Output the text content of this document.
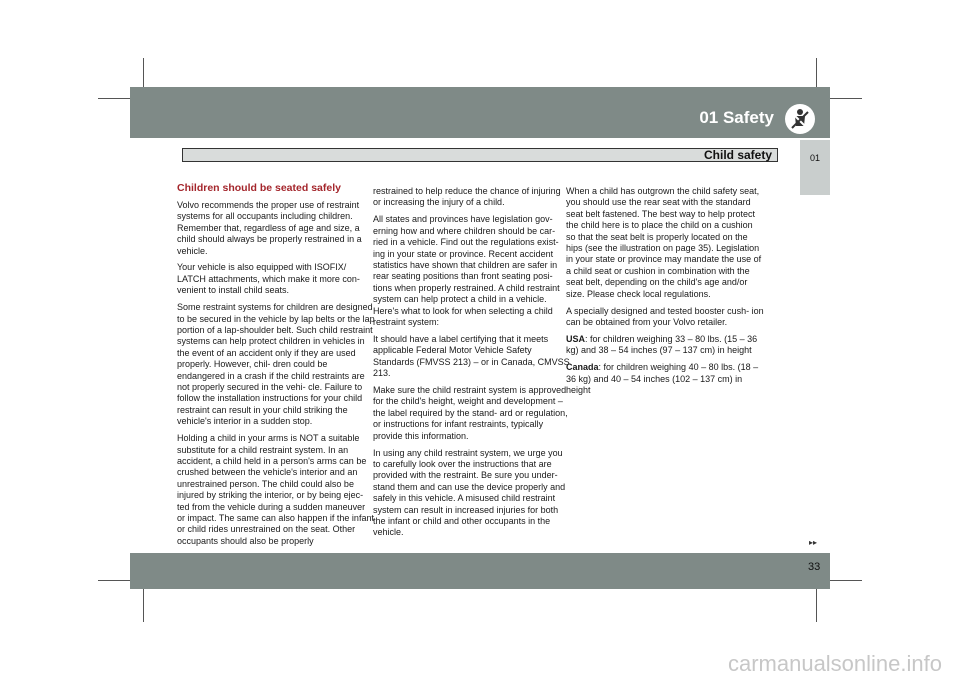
01 Safety
Child safety	01

Children should be seated safely

Volvo recommends the proper use of restraint systems for all occupants including children. Remember that, regardless of age and size, a child should always be properly restrained in a vehicle.

Your vehicle is also equipped with ISOFIX/ LATCH attachments, which make it more con- venient to install child seats.

Some restraint systems for children are designed to be secured in the vehicle by lap belts or the lap portion of a lap-shoulder belt. Such child restraint systems can help protect children in vehicles in the event of an accident only if they are used properly. However, chil- dren could be endangered in a crash if the child restraints are not properly secured in the vehi- cle. Failure to follow the installation instructions for your child restraint can result in your child striking the vehicle's interior in a sudden stop.

Holding a child in your arms is NOT a suitable substitute for a child restraint system. In an accident, a child held in a person's arms can be crushed between the vehicle's interior and an unrestrained person. The child could also be injured by striking the interior, or by being ejec- ted from the vehicle during a sudden maneuver or impact. The same can also happen if the infant or child rides unrestrained on the seat. Other occupants should also be properly

restrained to help reduce the chance of injuring or increasing the injury of a child.

All states and provinces have legislation gov- erning how and where children should be car- ried in a vehicle. Find out the regulations exist- ing in your state or province. Recent accident statistics have shown that children are safer in rear seating positions than front seating posi- tions when properly restrained. A child restraint system can help protect a child in a vehicle. Here's what to look for when selecting a child restraint system:

It should have a label certifying that it meets applicable Federal Motor Vehicle Safety Standards (FMVSS 213) – or in Canada, CMVSS 213.

Make sure the child restraint system is approved for the child's height, weight and development – the label required by the stand- ard or regulation, or instructions for infant restraints, typically provide this information.

In using any child restraint system, we urge you to carefully look over the instructions that are provided with the restraint. Be sure you under- stand them and can use the device properly and safely in this vehicle. A misused child restraint system can result in increased injuries for both the infant or child and other occupants in the vehicle.

When a child has outgrown the child safety seat, you should use the rear seat with the standard seat belt fastened. The best way to help protect the child here is to place the child on a cushion so that the seat belt is properly located on the hips (see the illustration on page 35). Legislation in your state or province may mandate the use of a child seat or cushion in combination with the seat belt, depending on the child's age and/or size. Please check local regulations.

A specially designed and tested booster cush- ion can be obtained from your Volvo retailer.

USA: for children weighing 33 – 80 lbs. (15 – 36 kg) and 38 – 54 inches (97 – 137 cm) in height

Canada: for children weighing 40 – 80 lbs. (18 – 36 kg) and 40 – 54 inches (102 – 137 cm) in height

▸▸
33
carmanualsonline.info
